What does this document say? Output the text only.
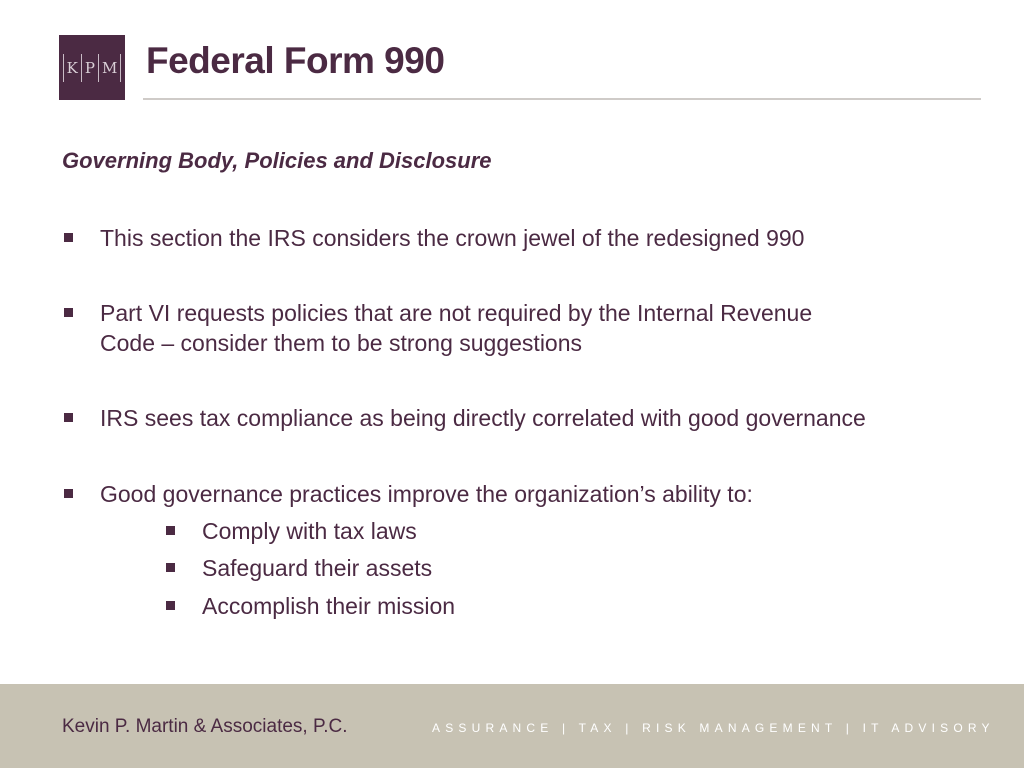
K P M Federal Form 990
Governing Body, Policies and Disclosure
This section the IRS considers the crown jewel of the redesigned 990
Part VI requests policies that are not required by the Internal Revenue
Code – consider them to be strong suggestions
IRS sees tax compliance as being directly correlated with good governance
Good governance practices improve the organization’s ability to:
Comply with tax laws
Safeguard their assets
Accomplish their mission
Kevin P. Martin & Associates, P.C.	ASSURANCE | TAX | RISK MANAGEMENT | IT ADVISORY
